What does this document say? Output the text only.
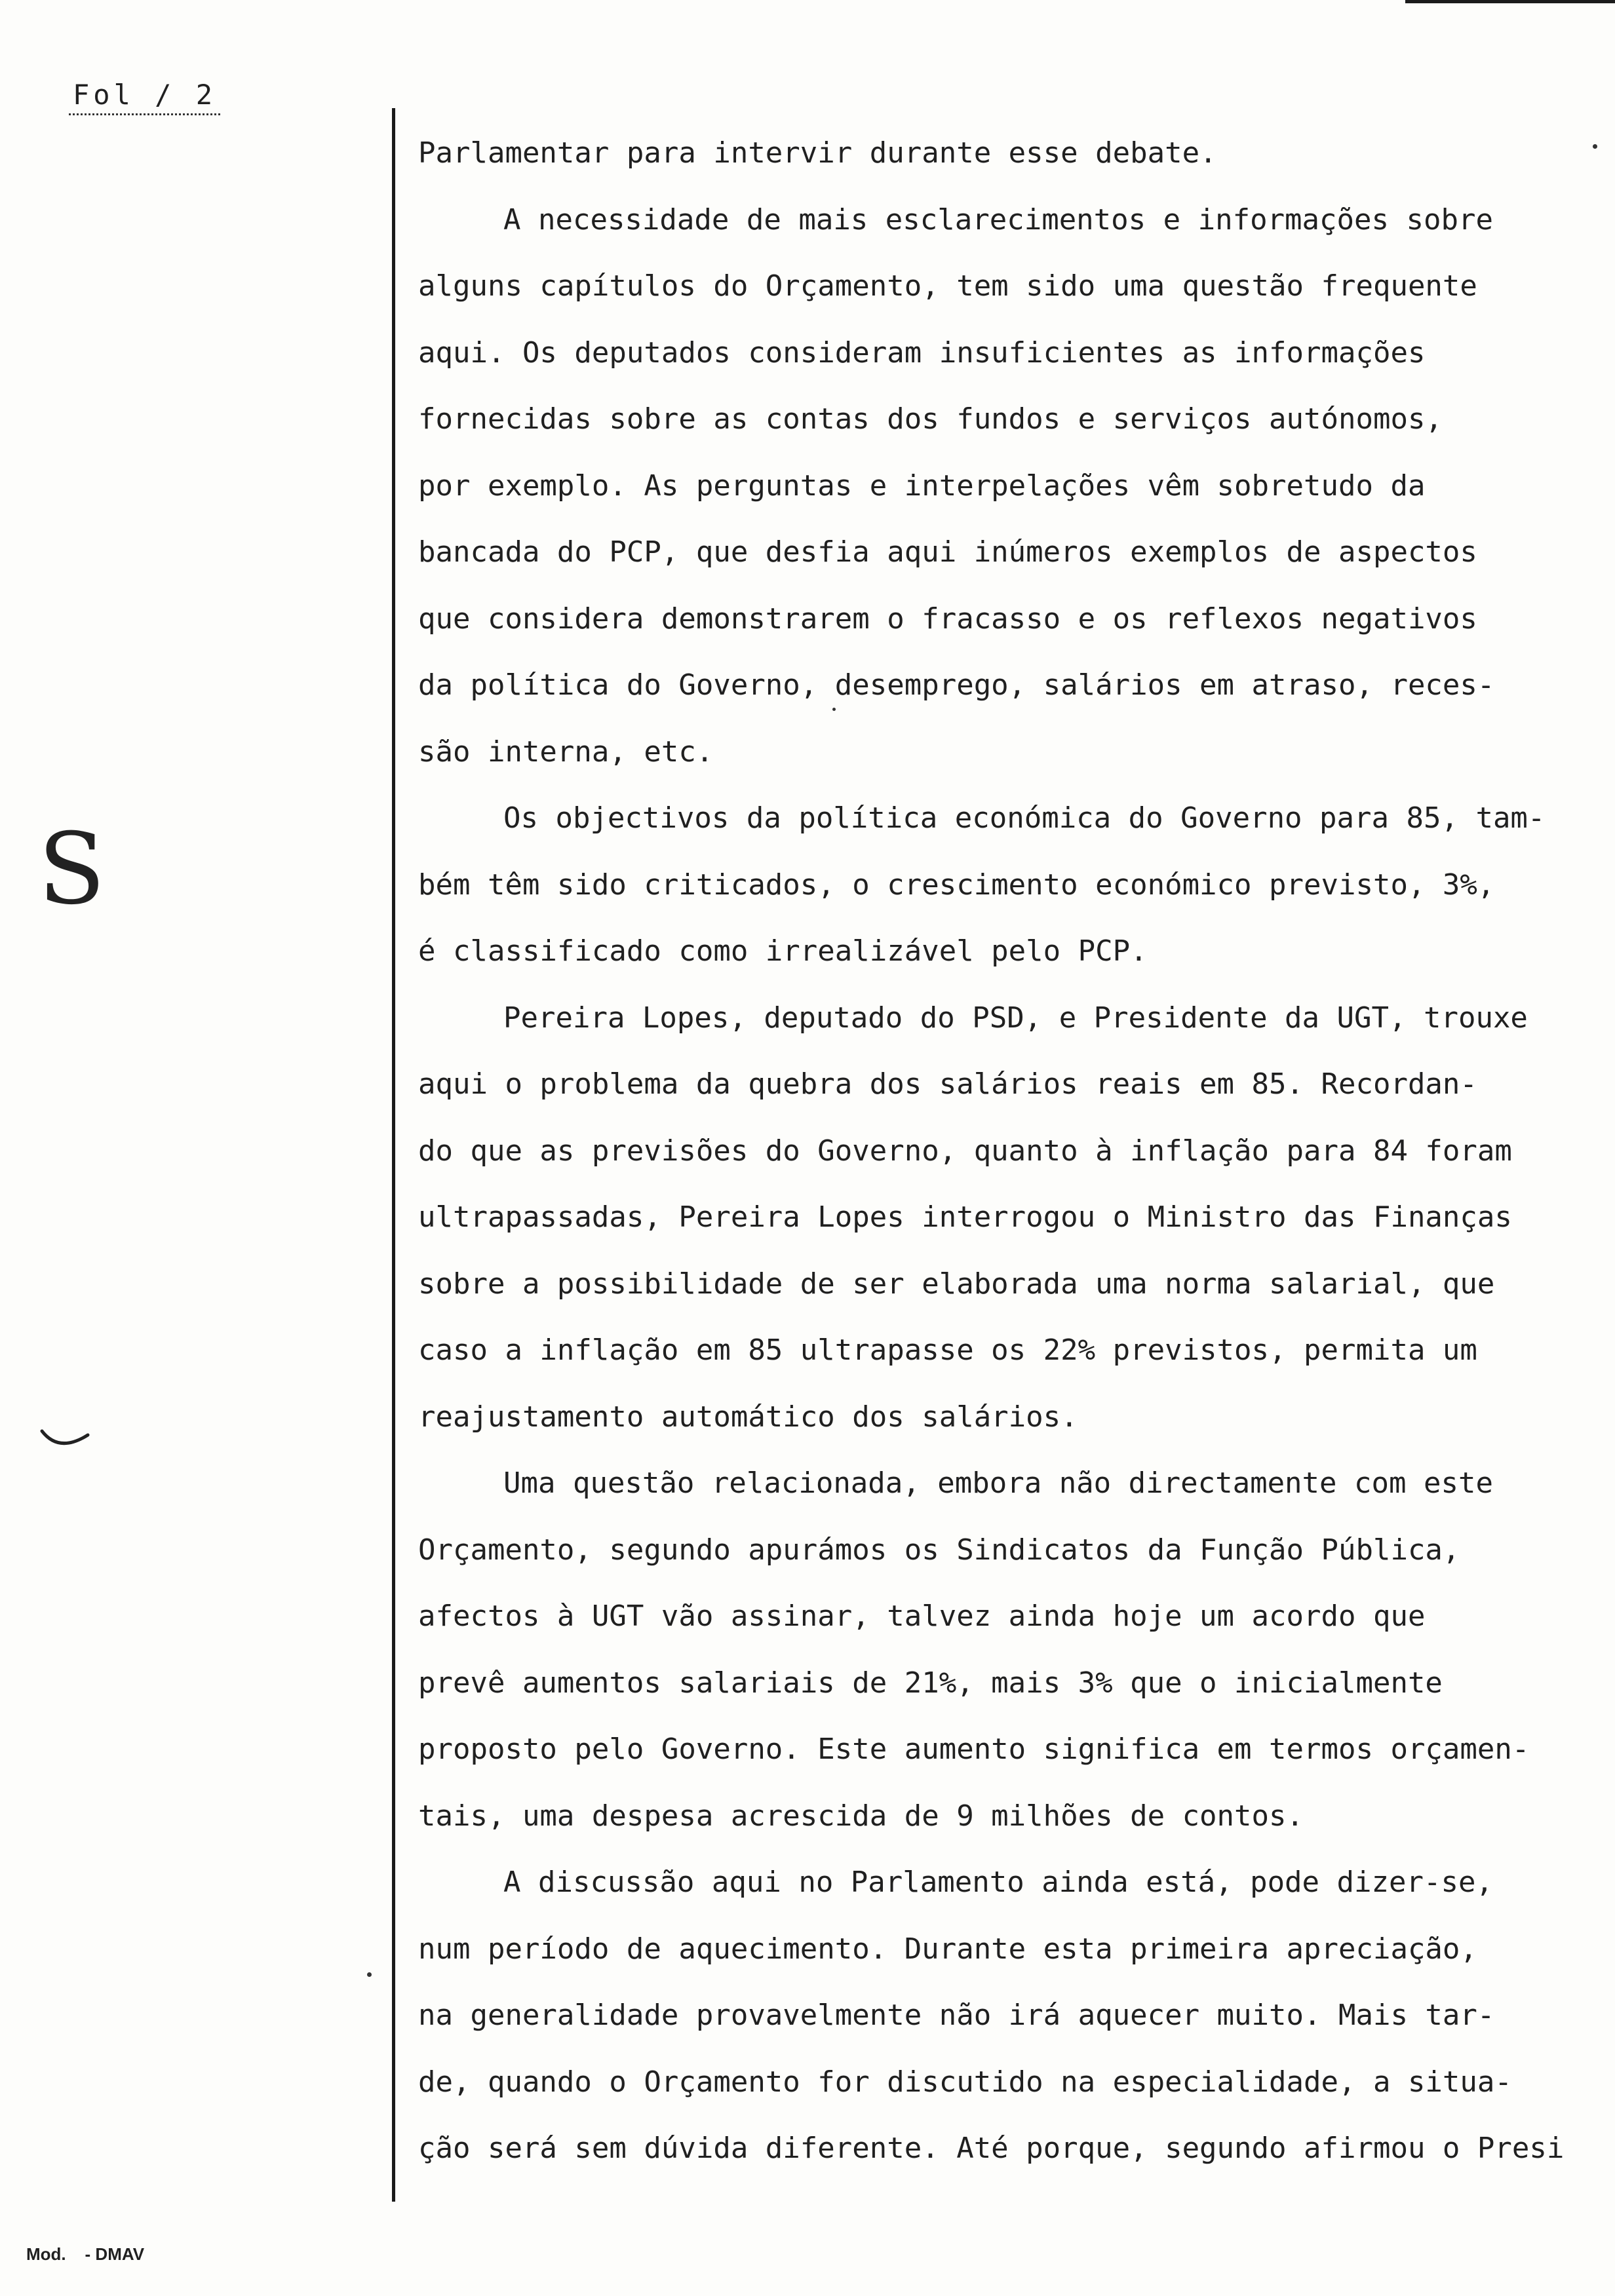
Fol / 2
S
Parlamentar para intervir durante esse debate.
A necessidade de mais esclarecimentos e informações sobre
alguns capítulos do Orçamento, tem sido uma questão frequente
aqui. Os deputados consideram insuficientes as informações
fornecidas sobre as contas dos fundos e serviços autónomos,
por exemplo. As perguntas e interpelações vêm sobretudo da
bancada do PCP, que desfia aqui inúmeros exemplos de aspectos
que considera demonstrarem o fracasso e os reflexos negativos
da política do Governo, desemprego, salários em atraso, reces-
são interna, etc.
Os objectivos da política económica do Governo para 85, tam-
bém têm sido criticados, o crescimento económico previsto, 3%,
é classificado como irrealizável pelo PCP.
Pereira Lopes, deputado do PSD, e Presidente da UGT, trouxe
aqui o problema da quebra dos salários reais em 85. Recordan-
do que as previsões do Governo, quanto à inflação para 84 foram
ultrapassadas, Pereira Lopes interrogou o Ministro das Finanças
sobre a possibilidade de ser elaborada uma norma salarial, que
caso a inflação em 85 ultrapasse os 22% previstos, permita um
reajustamento automático dos salários.
Uma questão relacionada, embora não directamente com este
Orçamento, segundo apurámos os Sindicatos da Função Pública,
afectos à UGT vão assinar, talvez ainda hoje um acordo que
prevê aumentos salariais de 21%, mais 3% que o inicialmente
proposto pelo Governo. Este aumento significa em termos orçamen-
tais, uma despesa acrescida de 9 milhões de contos.
A discussão aqui no Parlamento ainda está, pode dizer-se,
num período de aquecimento. Durante esta primeira apreciação,
na generalidade provavelmente não irá aquecer muito. Mais tar-
de, quando o Orçamento for discutido na especialidade, a situa-
ção será sem dúvida diferente. Até porque, segundo afirmou o Presi
Mod.    - DMAV
